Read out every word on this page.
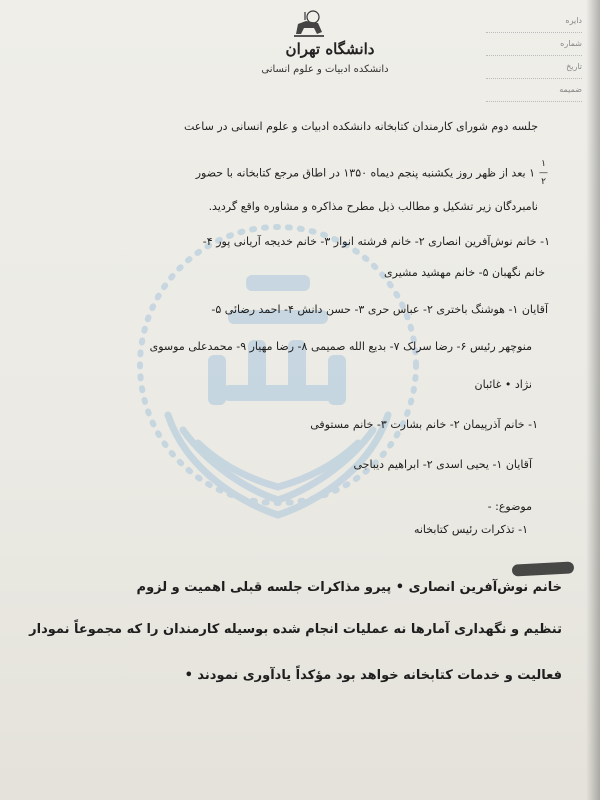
دانشگاه تهران
دانشکده ادبیات و علوم انسانی
دایره
شماره
تاریخ
ضمیمه
جلسه دوم شورای کارمندان کتابخانه دانشکده ادبیات و علوم انسانی در ساعت
۱
—
۲۱ بعد از ظهر روز یکشنبه پنجم دیماه ۱۳۵۰ در اطاق مرجع کتابخانه با حضور
نامبردگان زیر تشکیل و مطالب ذیل مطرح مذاکره و مشاوره واقع گردید.
۱- خانم نوش‌آفرین انصاری ۲- خانم فرشته انوار ۳- خانم خدیجه آریانی پور ۴-
خانم نگهبان ۵- خانم مهشید مشیری
آقایان ۱- هوشنگ باختری ۲- عباس حری ۳- حسن دانش ۴- احمد رضائی ۵-
منوچهر رئیس ۶- رضا سرلک ۷- بدیع الله صمیمی ۸- رضا مهیار ۹- محمدعلی موسوی
نژاد • غائبان
۱- خانم آذرپیمان ۲- خانم بشارت ۳- خانم مستوفی
آقایان ۱- یحیی اسدی ۲- ابراهیم دیباجی
موضوع: -
۱- تذکرات رئیس کتابخانه
خانم نوش‌آفرین انصاری • پیرو مذاکرات جلسه قبلی اهمیت و لزوم
تنظیم و نگهداری آمارها نه عملیات انجام شده بوسیله کارمندان را که مجموعاً نمودار
فعالیت و خدمات کتابخانه خواهد بود مؤکداً یادآوری نمودند •
